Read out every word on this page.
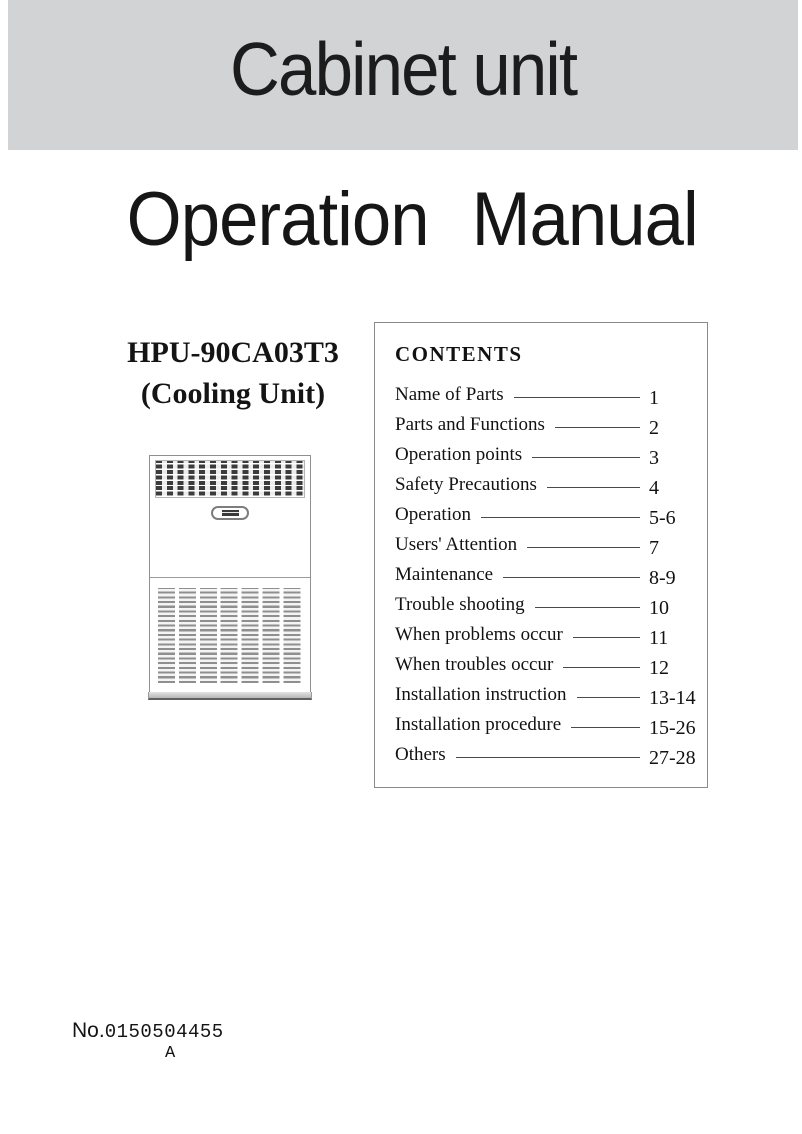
Cabinet unit
Operation Manual
HPU-90CA03T3
(Cooling Unit)
CONTENTS
Name of Parts	1
Parts and Functions	2
Operation points	3
Safety Precautions	4
Operation	5-6
Users' Attention	7
Maintenance	8-9
Trouble shooting	10
When problems occur	11
When troubles occur	12
Installation instruction	13-14
Installation procedure	15-26
Others	27-28
No. 0150504455
A
